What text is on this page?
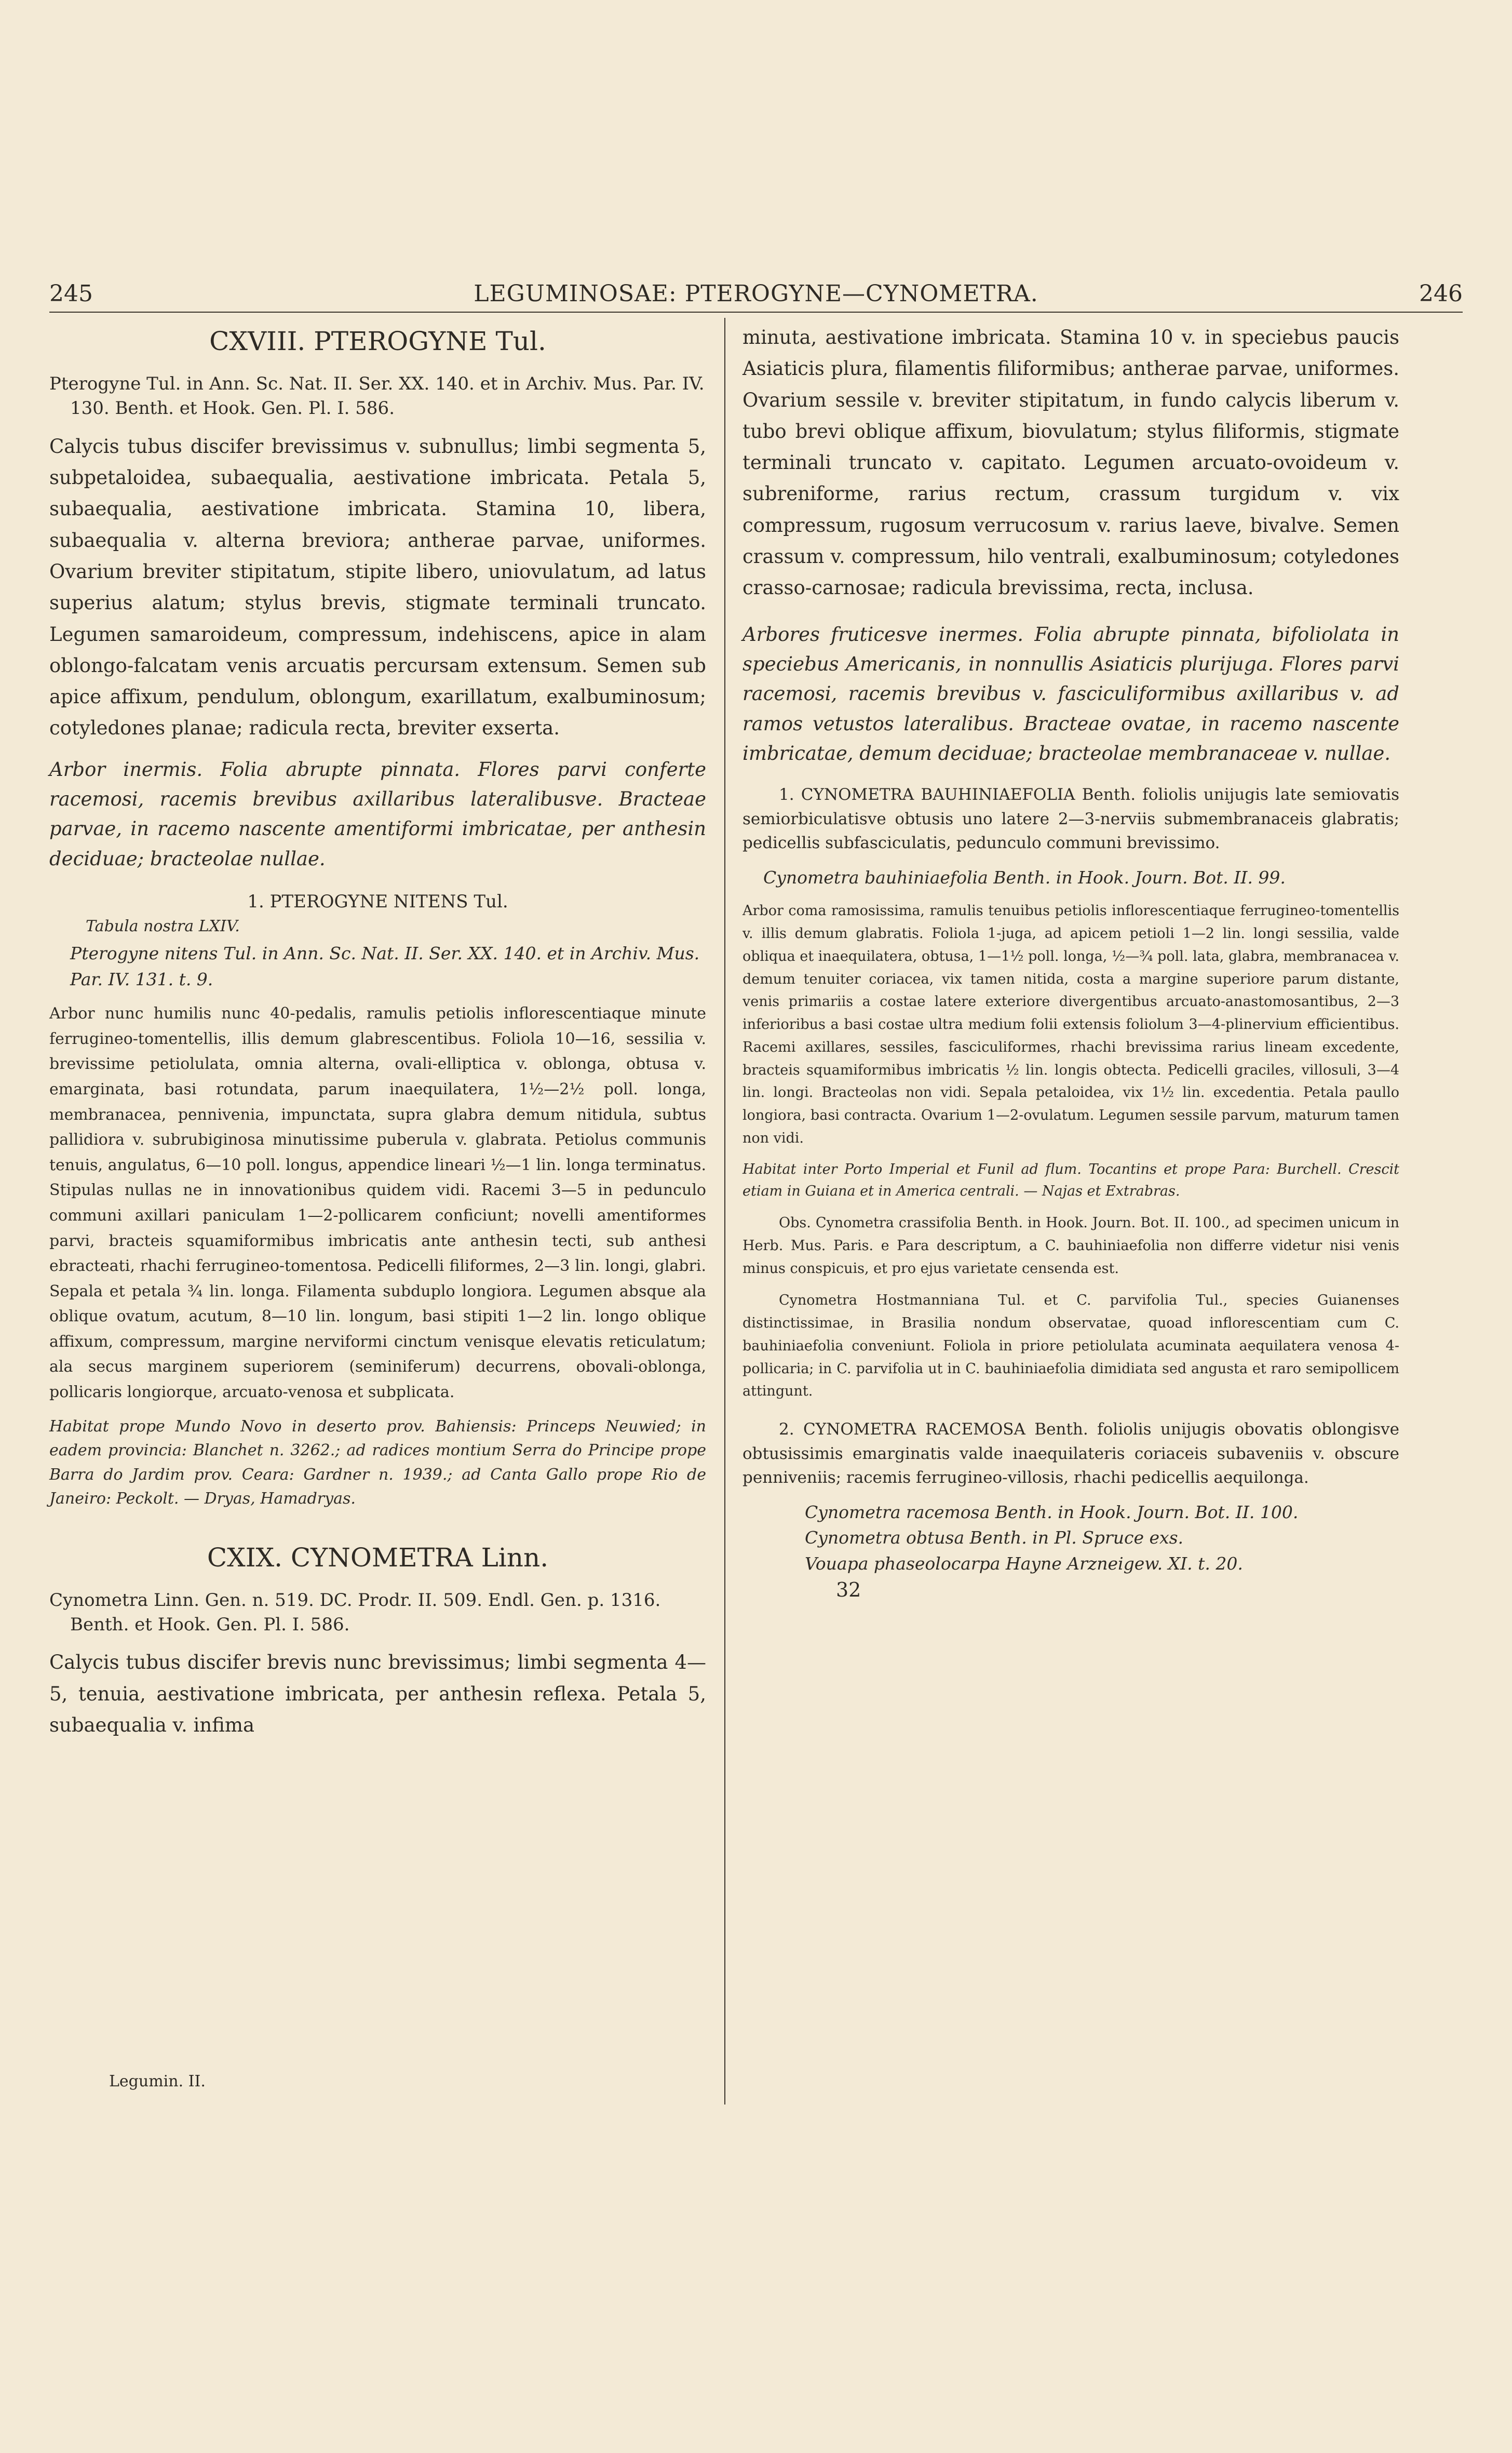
245	LEGUMINOSAE: PTEROGYNE—CYNOMETRA.	246

CXVIII. PTEROGYNE Tul.

Pterogyne Tul. in Ann. Sc. Nat. II. Ser. XX. 140. et in Archiv. Mus. Par. IV. 130. Benth. et Hook. Gen. Pl. I. 586.

Calycis tubus discifer brevissimus v. subnullus; limbi segmenta 5, subpetaloidea, subaequalia, aestivatione imbricata. Petala 5, subaequalia, aestivatione imbricata. Stamina 10, libera, subaequalia v. alterna breviora; antherae parvae, uniformes. Ovarium breviter stipitatum, stipite libero, uniovulatum, ad latus superius alatum; stylus brevis, stigmate terminali truncato. Legumen samaroideum, compressum, indehiscens, apice in alam oblongo-falcatam venis arcuatis percursam extensum. Semen sub apice affixum, pendulum, oblongum, exarillatum, exalbuminosum; cotyledones planae; radicula recta, breviter exserta.

Arbor inermis. Folia abrupte pinnata. Flores parvi conferte racemosi, racemis brevibus axillaribus lateralibusve. Bracteae parvae, in racemo nascente amentiformi imbricatae, per anthesin deciduae; bracteolae nullae.

1. PTEROGYNE NITENS Tul.

Tabula nostra LXIV.

Pterogyne nitens Tul. in Ann. Sc. Nat. II. Ser. XX. 140. et in Archiv. Mus. Par. IV. 131. t. 9.

Arbor nunc humilis nunc 40-pedalis, ramulis petiolis inflorescentiaque minute ferrugineo-tomentellis, illis demum glabrescentibus. Foliola 10—16, sessilia v. brevissime petiolulata, omnia alterna, ovali-elliptica v. oblonga, obtusa v. emarginata, basi rotundata, parum inaequilatera, 1½—2½ poll. longa, membranacea, pennivenia, impunctata, supra glabra demum nitidula, subtus pallidiora v. subrubiginosa minutissime puberula v. glabrata. Petiolus communis tenuis, angulatus, 6—10 poll. longus, appendice lineari ½—1 lin. longa terminatus. Stipulas nullas ne in innovationibus quidem vidi. Racemi 3—5 in pedunculo communi axillari paniculam 1—2-pollicarem conficiunt; novelli amentiformes parvi, bracteis squamiformibus imbricatis ante anthesin tecti, sub anthesi ebracteati, rhachi ferrugineo-tomentosa. Pedicelli filiformes, 2—3 lin. longi, glabri. Sepala et petala ¾ lin. longa. Filamenta subduplo longiora. Legumen absque ala oblique ovatum, acutum, 8—10 lin. longum, basi stipiti 1—2 lin. longo oblique affixum, compressum, margine nerviformi cinctum venisque elevatis reticulatum; ala secus marginem superiorem (seminiferum) decurrens, obovali-oblonga, pollicaris longiorque, arcuato-venosa et subplicata.

Habitat prope Mundo Novo in deserto prov. Bahiensis: Princeps Neuwied; in eadem provincia: Blanchet n. 3262.; ad radices montium Serra do Principe prope Barra do Jardim prov. Ceara: Gardner n. 1939.; ad Canta Gallo prope Rio de Janeiro: Peckolt. — Dryas, Hamadryas.

CXIX. CYNOMETRA Linn.

Cynometra Linn. Gen. n. 519. DC. Prodr. II. 509. Endl. Gen. p. 1316. Benth. et Hook. Gen. Pl. I. 586.

Calycis tubus discifer brevis nunc brevissimus; limbi segmenta 4—5, tenuia, aestivatione imbricata, per anthesin reflexa. Petala 5, subaequalia v. infima

Legumin. II.

minuta, aestivatione imbricata. Stamina 10 v. in speciebus paucis Asiaticis plura, filamentis filiformibus; antherae parvae, uniformes. Ovarium sessile v. breviter stipitatum, in fundo calycis liberum v. tubo brevi oblique affixum, biovulatum; stylus filiformis, stigmate terminali truncato v. capitato. Legumen arcuato-ovoideum v. subreniforme, rarius rectum, crassum turgidum v. vix compressum, rugosum verrucosum v. rarius laeve, bivalve. Semen crassum v. compressum, hilo ventrali, exalbuminosum; cotyledones crasso-carnosae; radicula brevissima, recta, inclusa.

Arbores fruticesve inermes. Folia abrupte pinnata, bifoliolata in speciebus Americanis, in nonnullis Asiaticis plurijuga. Flores parvi racemosi, racemis brevibus v. fasciculiformibus axillaribus v. ad ramos vetustos lateralibus. Bracteae ovatae, in racemo nascente imbricatae, demum deciduae; bracteolae membranaceae v. nullae.

1. CYNOMETRA BAUHINIAEFOLIA Benth. foliolis unijugis late semiovatis semiorbiculatisve obtusis uno latere 2—3-nerviis submembranaceis glabratis; pedicellis subfasciculatis, pedunculo communi brevissimo.

Cynometra bauhiniaefolia Benth. in Hook. Journ. Bot. II. 99.

Arbor coma ramosissima, ramulis tenuibus petiolis inflorescentiaque ferrugineo-tomentellis v. illis demum glabratis. Foliola 1-juga, ad apicem petioli 1—2 lin. longi sessilia, valde obliqua et inaequilatera, obtusa, 1—1½ poll. longa, ½—¾ poll. lata, glabra, membranacea v. demum tenuiter coriacea, vix tamen nitida, costa a margine superiore parum distante, venis primariis a costae latere exteriore divergentibus arcuato-anastomosantibus, 2—3 inferioribus a basi costae ultra medium folii extensis foliolum 3—4-plinervium efficientibus. Racemi axillares, sessiles, fasciculiformes, rhachi brevissima rarius lineam excedente, bracteis squamiformibus imbricatis ½ lin. longis obtecta. Pedicelli graciles, villosuli, 3—4 lin. longi. Bracteolas non vidi. Sepala petaloidea, vix 1½ lin. excedentia. Petala paullo longiora, basi contracta. Ovarium 1—2-ovulatum. Legumen sessile parvum, maturum tamen non vidi.

Habitat inter Porto Imperial et Funil ad flum. Tocantins et prope Para: Burchell. Crescit etiam in Guiana et in America centrali. — Najas et Extrabras.

Obs. Cynometra crassifolia Benth. in Hook. Journ. Bot. II. 100., ad specimen unicum in Herb. Mus. Paris. e Para descriptum, a C. bauhiniaefolia non differre videtur nisi venis minus conspicuis, et pro ejus varietate censenda est.

Cynometra Hostmanniana Tul. et C. parvifolia Tul., species Guianenses distinctissimae, in Brasilia nondum observatae, quoad inflorescentiam cum C. bauhiniaefolia conveniunt. Foliola in priore petiolulata acuminata aequilatera venosa 4-pollicaria; in C. parvifolia ut in C. bauhiniaefolia dimidiata sed angusta et raro semipollicem attingunt.

2. CYNOMETRA RACEMOSA Benth. foliolis unijugis obovatis oblongisve obtusissimis emarginatis valde inaequilateris coriaceis subaveniis v. obscure penniveniis; racemis ferrugineo-villosis, rhachi pedicellis aequilonga.

Cynometra racemosa Benth. in Hook. Journ. Bot. II. 100.

Cynometra obtusa Benth. in Pl. Spruce exs.

Vouapa phaseolocarpa Hayne Arzneigew. XI. t. 20.

32
